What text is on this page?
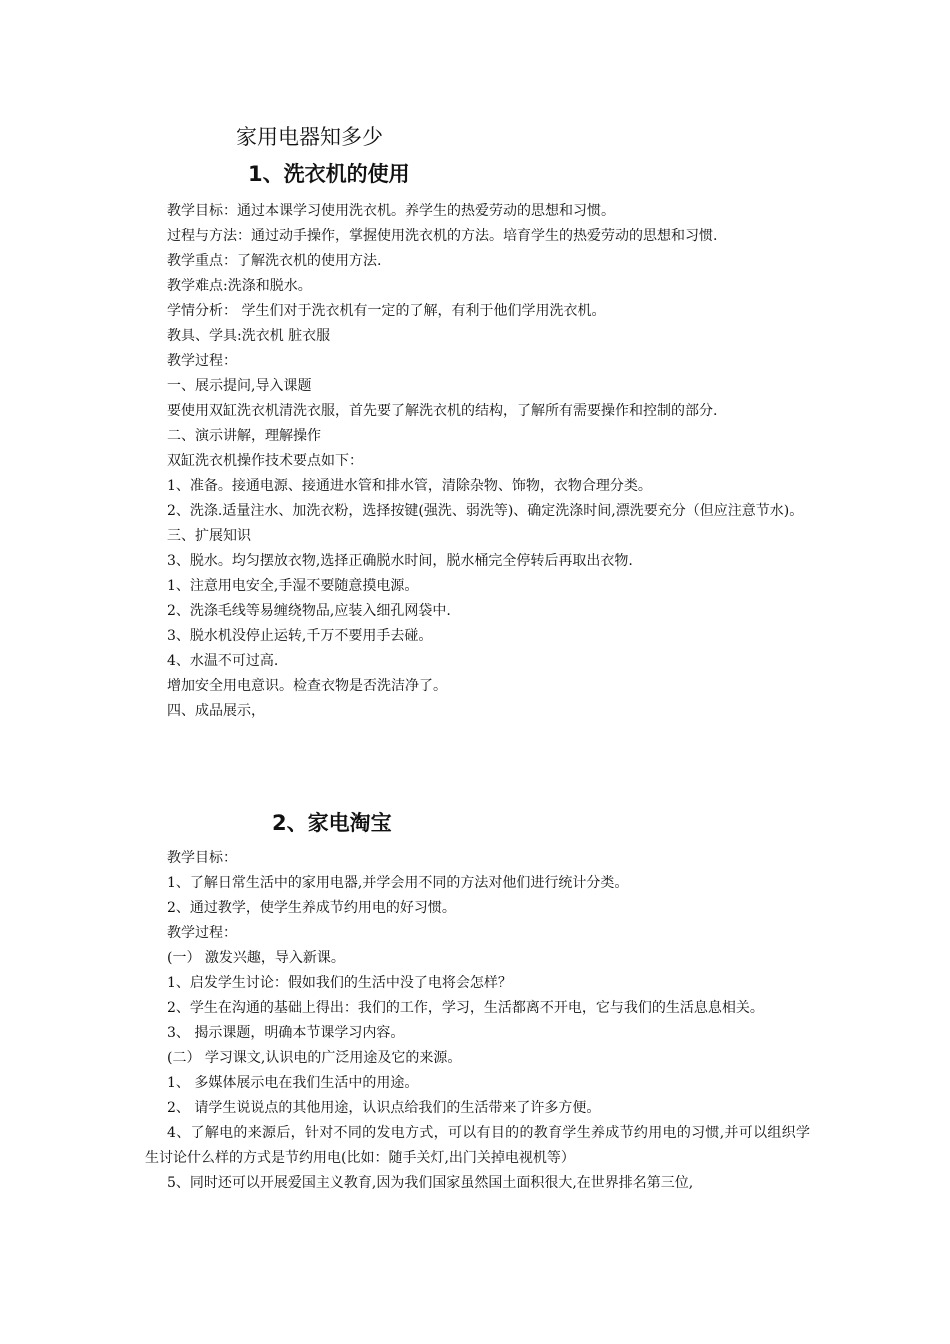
家用电器知多少
1、洗衣机的使用

教学目标：通过本课学习使用洗衣机。养学生的热爱劳动的思想和习惯。

过程与方法：通过动手操作，掌握使用洗衣机的方法。培育学生的热爱劳动的思想和习惯.

教学重点：了解洗衣机的使用方法.

教学难点:洗涤和脱水。

学情分析： 学生们对于洗衣机有一定的了解，有利于他们学用洗衣机。

教具、学具:洗衣机 脏衣服

教学过程：

一、展示提问,导入课题

要使用双缸洗衣机清洗衣服，首先要了解洗衣机的结构，了解所有需要操作和控制的部分.

二、演示讲解，理解操作

双缸洗衣机操作技术要点如下：

1、准备。接通电源、接通进水管和排水管，清除杂物、饰物，衣物合理分类。

2、洗涤.适量注水、加洗衣粉，选择按键(强洗、弱洗等)、确定洗涤时间,漂洗要充分（但应注意节水)。

三、扩展知识

3、脱水。均匀摆放衣物,选择正确脱水时间，脱水桶完全停转后再取出衣物.

1、注意用电安全,手湿不要随意摸电源。

2、洗涤毛线等易缠绕物品,应装入细孔网袋中.

3、脱水机没停止运转,千万不要用手去碰。

4、水温不可过高.

增加安全用电意识。检查衣物是否洗洁净了。

四、成品展示，

2、家电淘宝

教学目标：

1、了解日常生活中的家用电器,并学会用不同的方法对他们进行统计分类。

2、通过教学，使学生养成节约用电的好习惯。

教学过程：

(一） 激发兴趣，导入新课。

1、启发学生讨论：假如我们的生活中没了电将会怎样？

2、学生在沟通的基础上得出：我们的工作，学习，生活都离不开电，它与我们的生活息息相关。

3、 揭示课题，明确本节课学习内容。

(二） 学习课文,认识电的广泛用途及它的来源。

1、 多媒体展示电在我们生活中的用途。

2、 请学生说说点的其他用途，认识点给我们的生活带来了许多方便。

4、了解电的来源后，针对不同的发电方式，可以有目的的教育学生养成节约用电的习惯,并可以组织学生讨论什么样的方式是节约用电(比如：随手关灯,出门关掉电视机等）

5、同时还可以开展爱国主义教育,因为我们国家虽然国土面积很大,在世界排名第三位,
